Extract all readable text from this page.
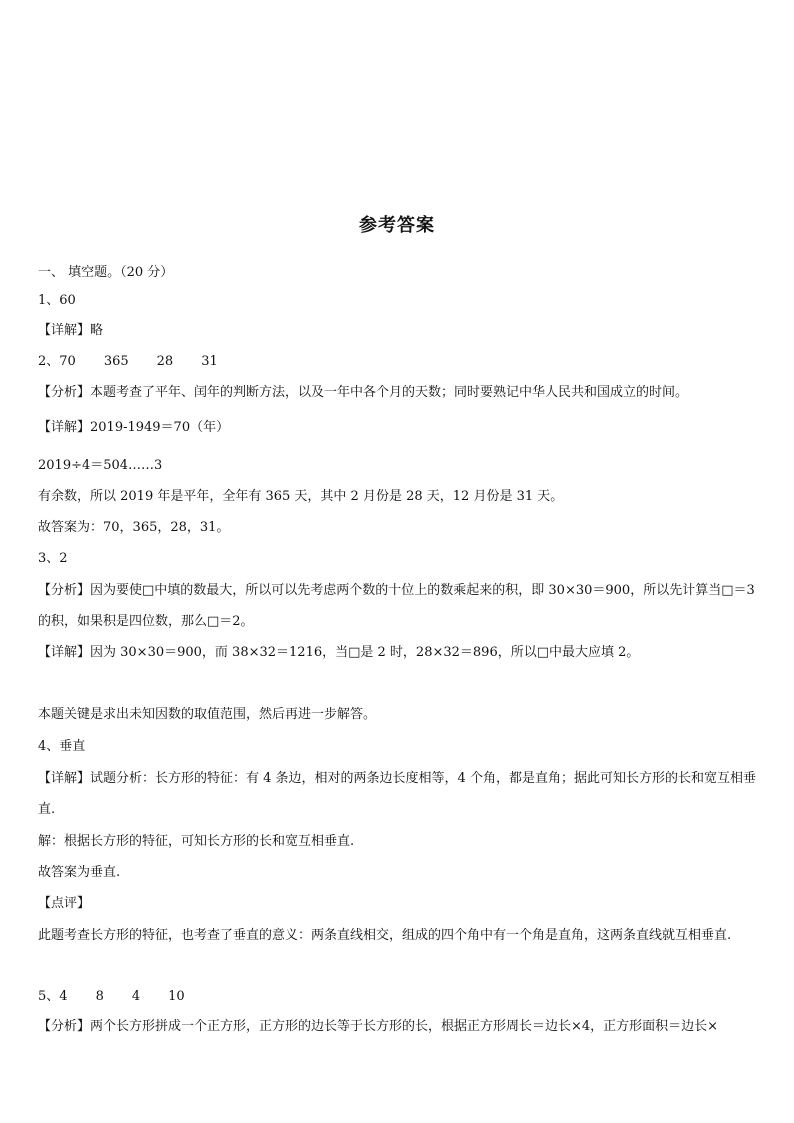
参考答案
一、 填空题。（20 分）
1、60
【详解】略
2、70 365 28 31
【分析】本题考查了平年、闰年的判断方法，以及一年中各个月的天数；同时要熟记中华人民共和国成立的时间。
【详解】2019-1949＝70（年）
2019÷4＝504……3
有余数，所以 2019 年是平年，全年有 365 天，其中 2 月份是 28 天，12 月份是 31 天。
故答案为：70，365，28，31。
3、2
【分析】因为要使□中填的数最大，所以可以先考虑两个数的十位上的数乘起来的积，即 30×30＝900，所以先计算当□＝3 的积，如果积是四位数，那么□＝2。
【详解】因为 30×30＝900，而 38×32＝1216，当□是 2 时，28×32＝896，所以□中最大应填 2。
本题关键是求出未知因数的取值范围，然后再进一步解答。
4、垂直
【详解】试题分析：长方形的特征：有 4 条边，相对的两条边长度相等，4 个角，都是直角；据此可知长方形的长和宽互相垂直.
解：根据长方形的特征，可知长方形的长和宽互相垂直.
故答案为垂直.
【点评】
此题考查长方形的特征，也考查了垂直的意义：两条直线相交，组成的四个角中有一个角是直角，这两条直线就互相垂直.
5、4 8 4 10
【分析】两个长方形拼成一个正方形，正方形的边长等于长方形的长，根据正方形周长＝边长×4，正方形面积＝边长×
